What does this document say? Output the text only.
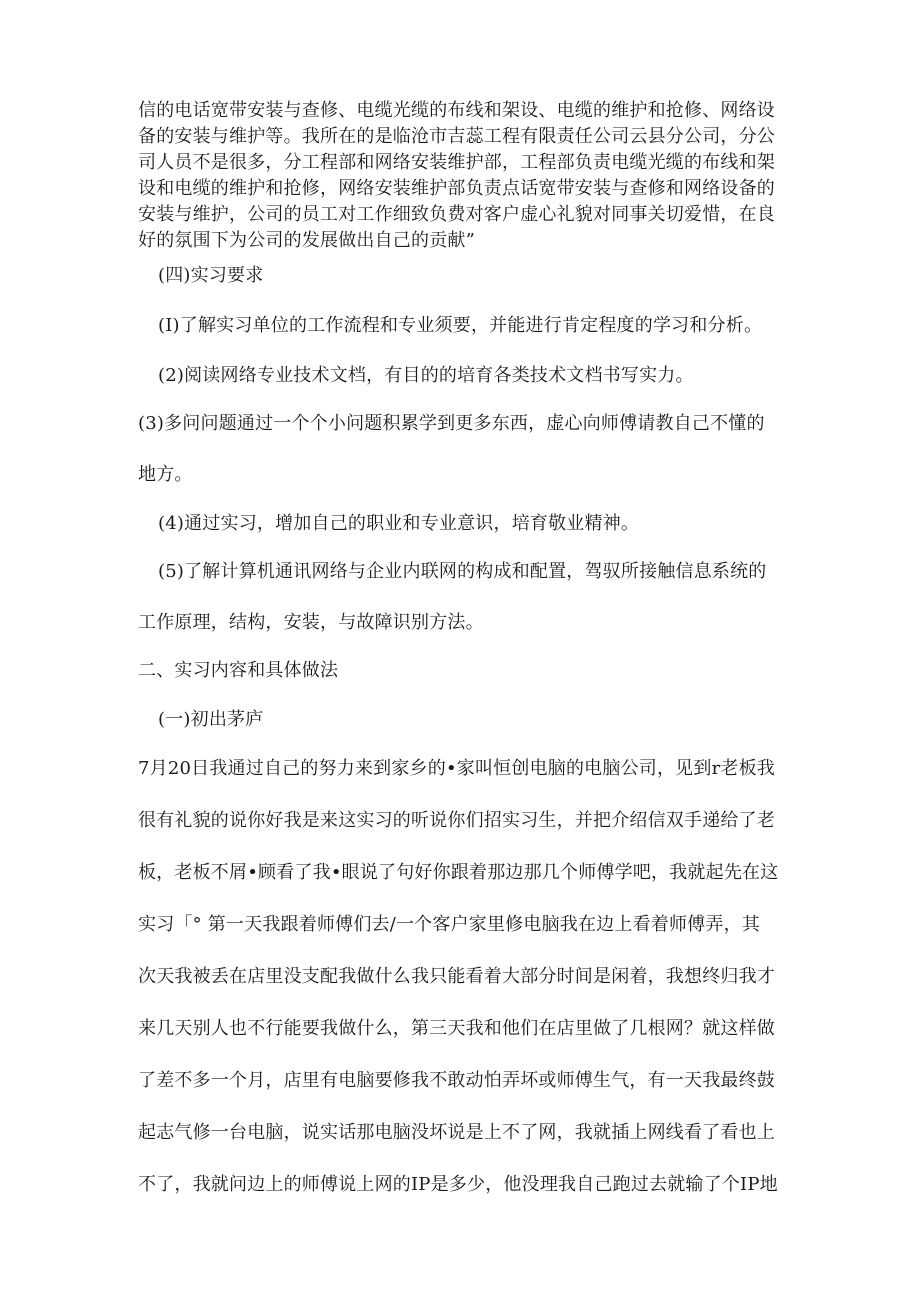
信的电话宽带安装与查修、电缆光缆的布线和架设、电缆的维护和抢修、网络设
备的安装与维护等。我所在的是临沧市吉蕊工程有限责任公司云县分公司，分公
司人员不是很多，分工程部和网络安装维护部，工程部负责电缆光缆的布线和架
设和电缆的维护和抢修，网络安装维护部负责点话宽带安装与查修和网络设备的
安装与维护，公司的员工对工作细致负费对客户虚心礼貌对同事关切爱惜，在良
好的氛围下为公司的发展做出自己的贡献”

(四)实习要求

(I)了解实习单位的工作流程和专业须要，并能进行肯定程度的学习和分析。

(2)阅读网络专业技术文档，有目的的培育各类技术文档书写实力。

(3)多问问题通过一个个小问题积累学到更多东西，虚心向师傅请教自己不懂的

地方。

(4)通过实习，增加自己的职业和专业意识，培育敬业精神。

(5)了解计算机通讯网络与企业内联网的构成和配置，驾驭所接触信息系统的

工作原理，结构，安装，与故障识别方法。

二、实习内容和具体做法

(一)初出茅庐

7月20日我通过自己的努力来到家乡的•家叫恒创电脑的电脑公司，见到r老板我
很有礼貌的说你好我是来这实习的听说你们招实习生，并把介绍信双手递给了老
板，老板不屑•顾看了我•眼说了句好你跟着那边那几个师傅学吧，我就起先在这
实习「° 第一天我跟着师傅们去/一个客户家里修电脑我在边上看着师傅弄，其
次天我被丢在店里没支配我做什么我只能看着大部分时间是闲着，我想终归我才
来几天别人也不行能要我做什么，第三天我和他们在店里做了几根网？就这样做
了差不多一个月，店里有电脑要修我不敢动怕弄坏或师傅生气，有一天我最终鼓
起志气修一台电脑，说实话那电脑没坏说是上不了网，我就插上网线看了看也上
不了，我就问边上的师傅说上网的IP是多少，他没理我自己跑过去就输了个IP地
